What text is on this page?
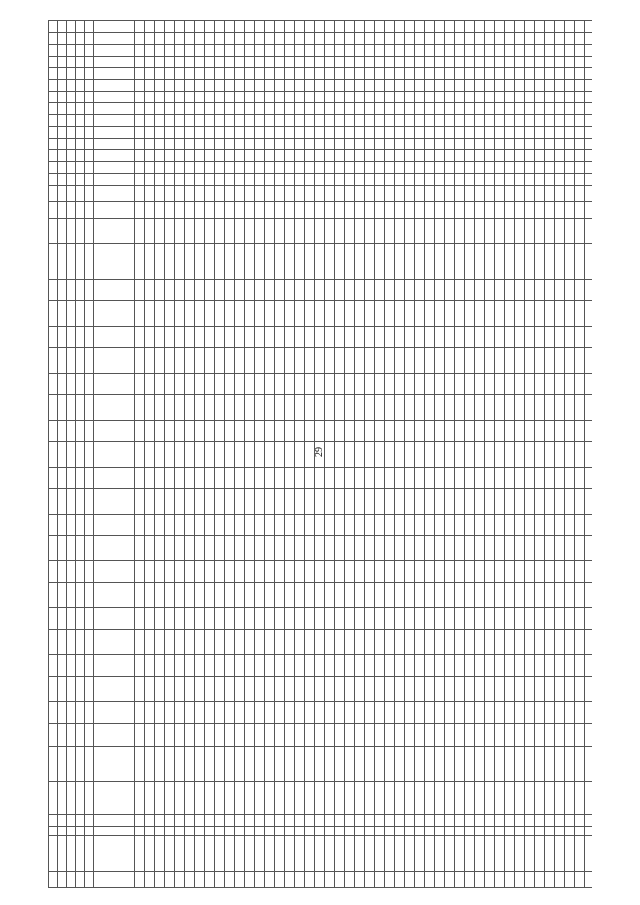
29
